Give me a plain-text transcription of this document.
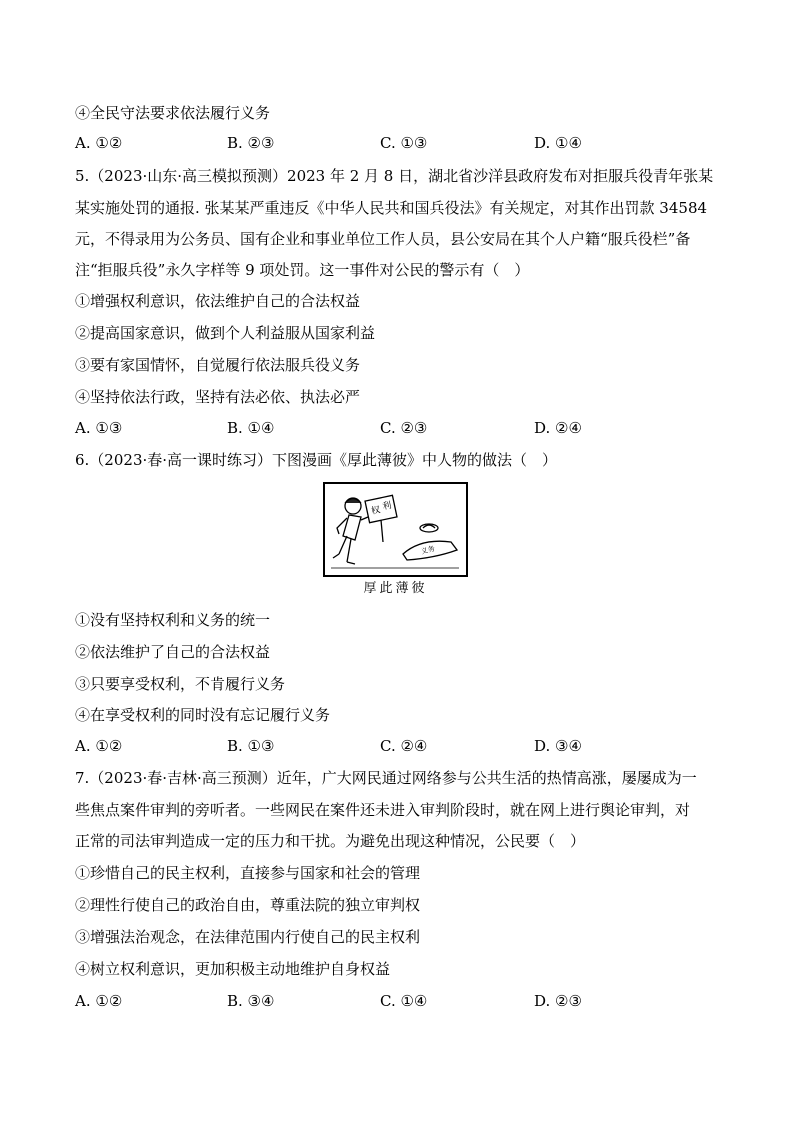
④全民守法要求依法履行义务
A. ①②	B. ②③	C. ①③	D. ①④
5.（2023·山东·高三模拟预测）2023 年 2 月 8 日，湖北省沙洋县政府发布对拒服兵役青年张某
某实施处罚的通报. 张某某严重违反《中华人民共和国兵役法》有关规定，对其作出罚款 34584
元，不得录用为公务员、国有企业和事业单位工作人员，县公安局在其个人户籍“服兵役栏”备
注“拒服兵役”永久字样等 9 项处罚。这一事件对公民的警示有（　）
①增强权利意识，依法维护自己的合法权益
②提高国家意识，做到个人利益服从国家利益
③要有家国情怀，自觉履行依法服兵役义务
④坚持依法行政，坚持有法必依、执法必严
A. ①③	B. ①④	C. ②③	D. ②④
6.（2023·春·高一课时练习）下图漫画《厚此薄彼》中人物的做法（　）
权 利
义务
厚此薄彼
①没有坚持权利和义务的统一
②依法维护了自己的合法权益
③只要享受权利，不肯履行义务
④在享受权利的同时没有忘记履行义务
A. ①②	B. ①③	C. ②④	D. ③④
7.（2023·春·吉林·高三预测）近年，广大网民通过网络参与公共生活的热情高涨，屡屡成为一
些焦点案件审判的旁听者。一些网民在案件还未进入审判阶段时，就在网上进行舆论审判，对
正常的司法审判造成一定的压力和干扰。为避免出现这种情况，公民要（　）
①珍惜自己的民主权利，直接参与国家和社会的管理
②理性行使自己的政治自由，尊重法院的独立审判权
③增强法治观念，在法律范围内行使自己的民主权利
④树立权利意识，更加积极主动地维护自身权益
A. ①②	B. ③④	C. ①④	D. ②③
